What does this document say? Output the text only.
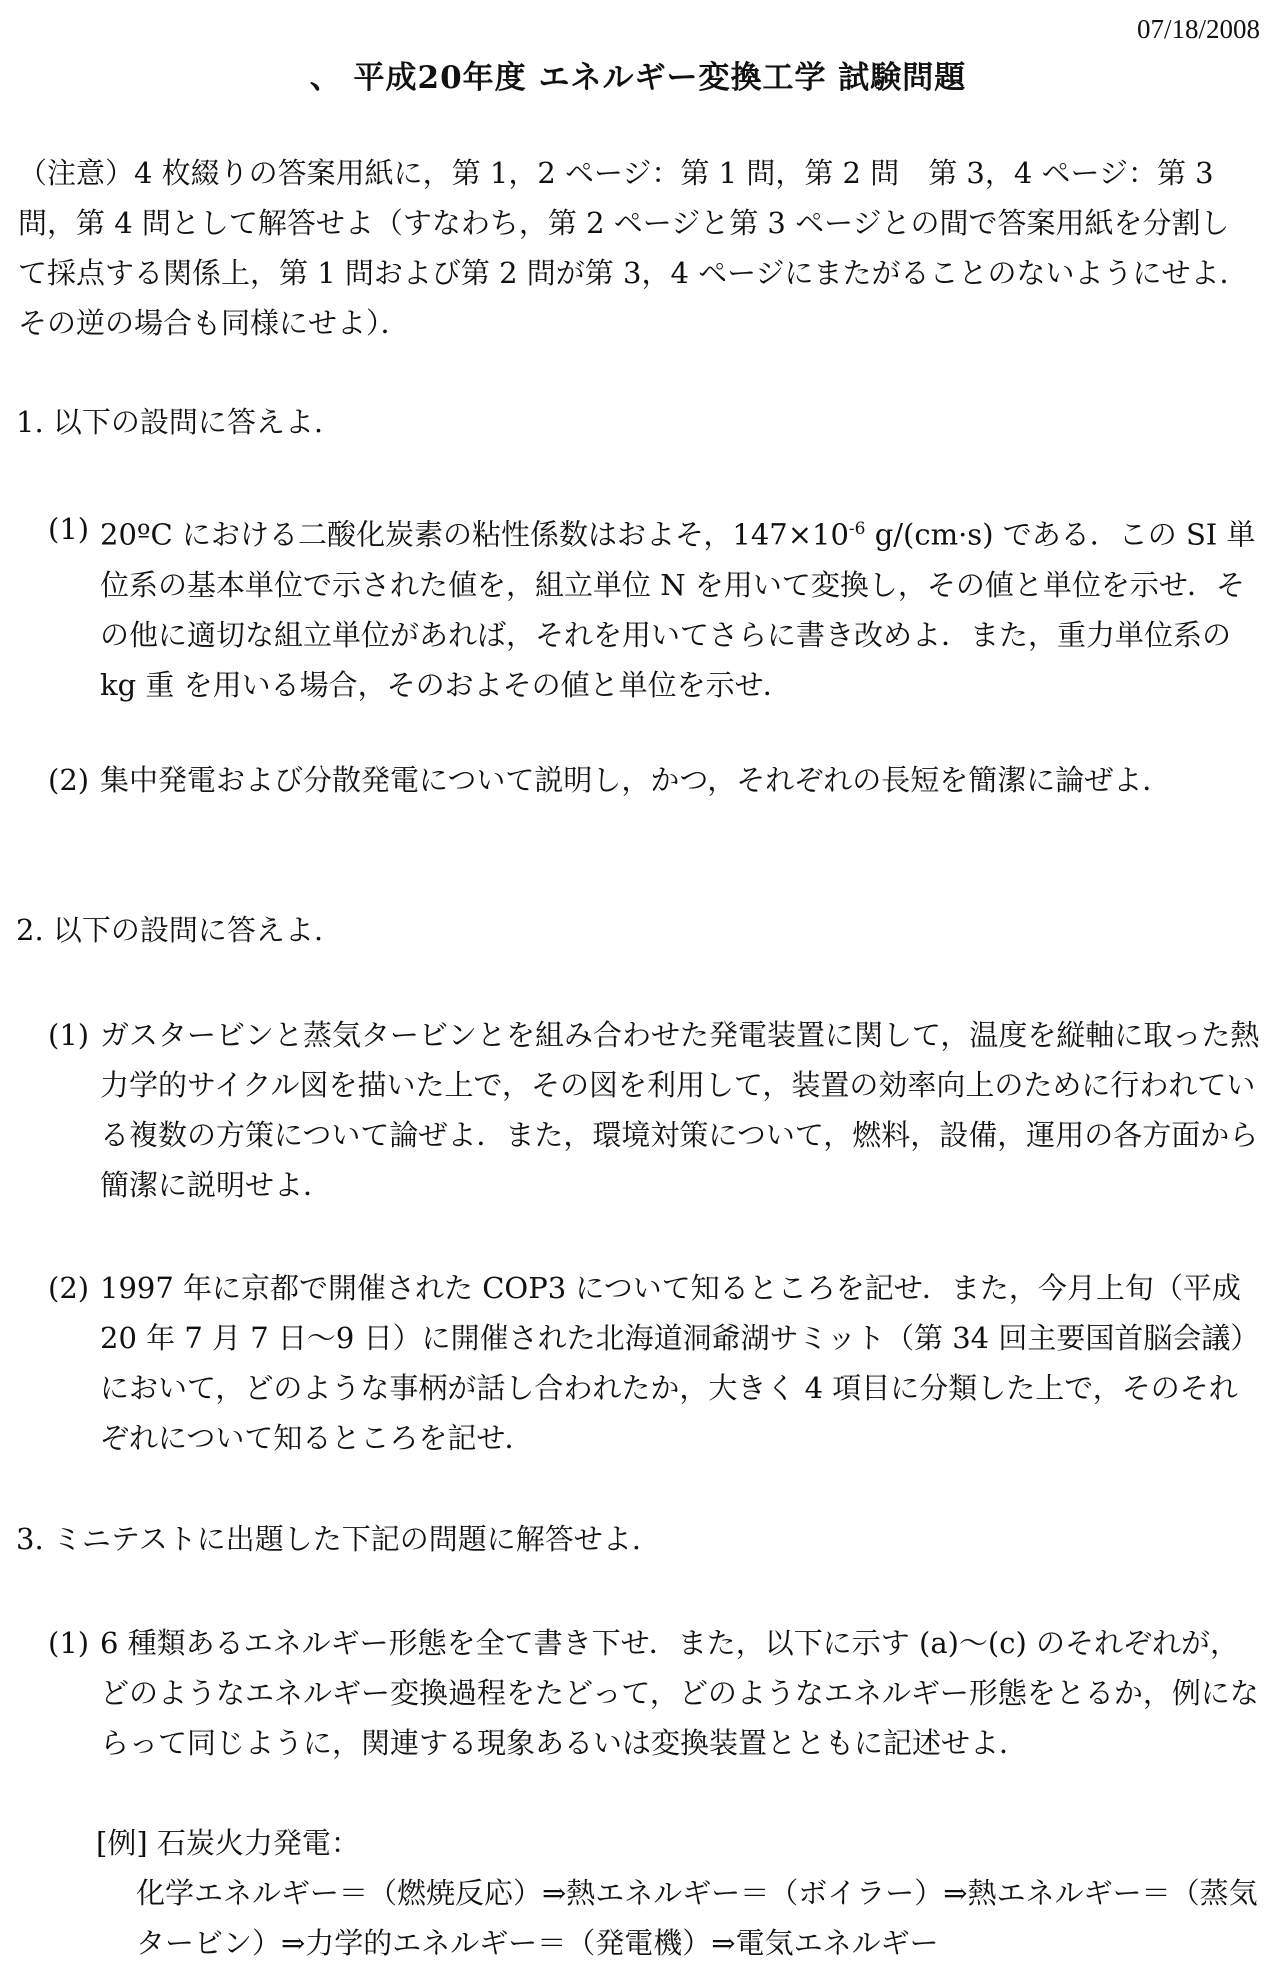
07/18/2008
、 平成20年度 エネルギー変換工学 試験問題
（注意）4 枚綴りの答案用紙に，第 1，2 ページ：第 1 問，第 2 問　第 3，4 ページ：第 3 問，第 4 問として解答せよ（すなわち，第 2 ページと第 3 ページとの間で答案用紙を分割して採点する関係上，第 1 問および第 2 問が第 3，4 ページにまたがることのないようにせよ．その逆の場合も同様にせよ）．
1. 以下の設問に答えよ.
(1) 20ºC における二酸化炭素の粘性係数はおよそ，$147\times 10^{-6}$ g/(cm·s) である．この SI 単位系の基本単位で示された値を，組立単位 N を用いて変換し，その値と単位を示せ．その他に適切な組立単位があれば，それを用いてさらに書き改めよ．また，重力単位系の kg 重 を用いる場合，そのおよその値と単位を示せ．
(2) 集中発電および分散発電について説明し，かつ，それぞれの長短を簡潔に論ぜよ．
2. 以下の設問に答えよ.
(1) ガスタービンと蒸気タービンとを組み合わせた発電装置に関して，温度を縦軸に取った熱力学的サイクル図を描いた上で，その図を利用して，装置の効率向上のために行われている複数の方策について論ぜよ．また，環境対策について，燃料，設備，運用の各方面から簡潔に説明せよ．
(2) 1997 年に京都で開催された COP3 について知るところを記せ．また，今月上旬（平成 20 年 7 月 7 日〜9 日）に開催された北海道洞爺湖サミット（第 34 回主要国首脳会議）において，どのような事柄が話し合われたか，大きく 4 項目に分類した上で，そのそれぞれについて知るところを記せ．
3. ミニテストに出題した下記の問題に解答せよ.
(1) 6 種類あるエネルギー形態を全て書き下せ．また，以下に示す (a)～(c) のそれぞれが，どのようなエネルギー変換過程をたどって，どのようなエネルギー形態をとるか，例にならって同じように，関連する現象あるいは変換装置とともに記述せよ．
[例] 石炭火力発電：
化学エネルギー＝（燃焼反応）⇒熱エネルギー＝（ボイラー）⇒熱エネルギー＝（蒸気タービン）⇒力学的エネルギー＝（発電機）⇒電気エネルギー
